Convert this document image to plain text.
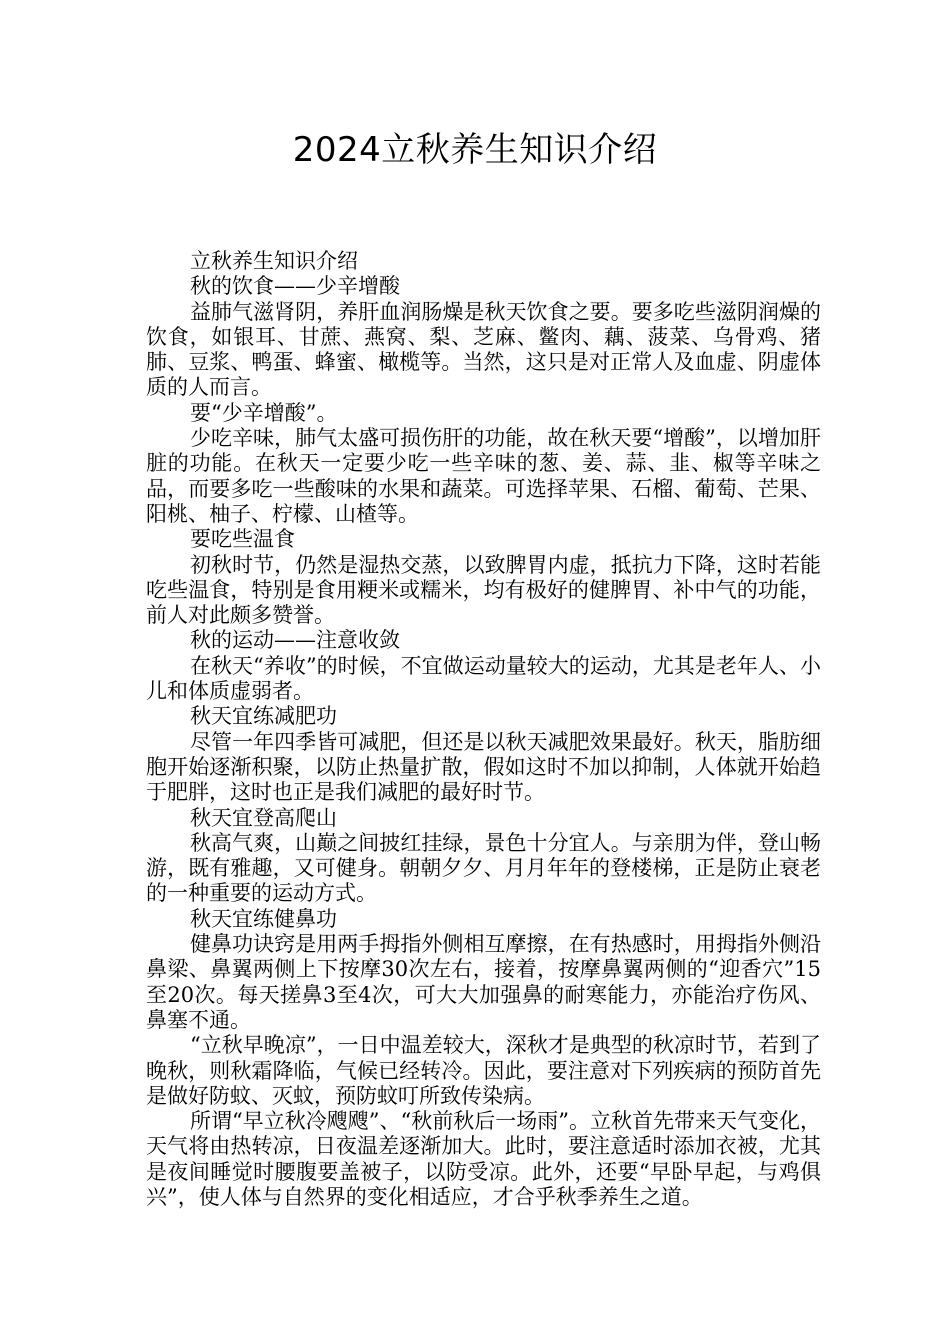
2024立秋养生知识介绍

立秋养生知识介绍

秋的饮食——少辛增酸

益肺气滋肾阴，养肝血润肠燥是秋天饮食之要。要多吃些滋阴润燥的饮食，如银耳、甘蔗、燕窝、梨、芝麻、鳖肉、藕、菠菜、乌骨鸡、猪肺、豆浆、鸭蛋、蜂蜜、橄榄等。当然，这只是对正常人及血虚、阴虚体质的人而言。

要“少辛增酸”。

少吃辛味，肺气太盛可损伤肝的功能，故在秋天要“增酸”，以增加肝脏的功能。在秋天一定要少吃一些辛味的葱、姜、蒜、韭、椒等辛味之品，而要多吃一些酸味的水果和蔬菜。可选择苹果、石榴、葡萄、芒果、阳桃、柚子、柠檬、山楂等。

要吃些温食

初秋时节，仍然是湿热交蒸，以致脾胃内虚，抵抗力下降，这时若能吃些温食，特别是食用粳米或糯米，均有极好的健脾胃、补中气的功能，前人对此颇多赞誉。

秋的运动——注意收敛

在秋天“养收”的时候，不宜做运动量较大的运动，尤其是老年人、小儿和体质虚弱者。

秋天宜练减肥功

尽管一年四季皆可减肥，但还是以秋天减肥效果最好。秋天，脂肪细胞开始逐渐积聚，以防止热量扩散，假如这时不加以抑制，人体就开始趋于肥胖，这时也正是我们减肥的最好时节。

秋天宜登高爬山

秋高气爽，山巅之间披红挂绿，景色十分宜人。与亲朋为伴，登山畅游，既有雅趣，又可健身。朝朝夕夕、月月年年的登楼梯，正是防止衰老的一种重要的运动方式。

秋天宜练健鼻功

健鼻功诀窍是用两手拇指外侧相互摩擦，在有热感时，用拇指外侧沿鼻梁、鼻翼两侧上下按摩30次左右，接着，按摩鼻翼两侧的“迎香穴”15至20次。每天搓鼻3至4次，可大大加强鼻的耐寒能力，亦能治疗伤风、鼻塞不通。

“立秋早晚凉”，一日中温差较大，深秋才是典型的秋凉时节，若到了晚秋，则秋霜降临，气候已经转冷。因此，要注意对下列疾病的预防首先是做好防蚊、灭蚊，预防蚊叮所致传染病。

所谓“早立秋冷飕飕”、“秋前秋后一场雨”。立秋首先带来天气变化，天气将由热转凉，日夜温差逐渐加大。此时，要注意适时添加衣被，尤其是夜间睡觉时腰腹要盖被子，以防受凉。此外，还要“早卧早起，与鸡俱兴”，使人体与自然界的变化相适应，才合乎秋季养生之道。
